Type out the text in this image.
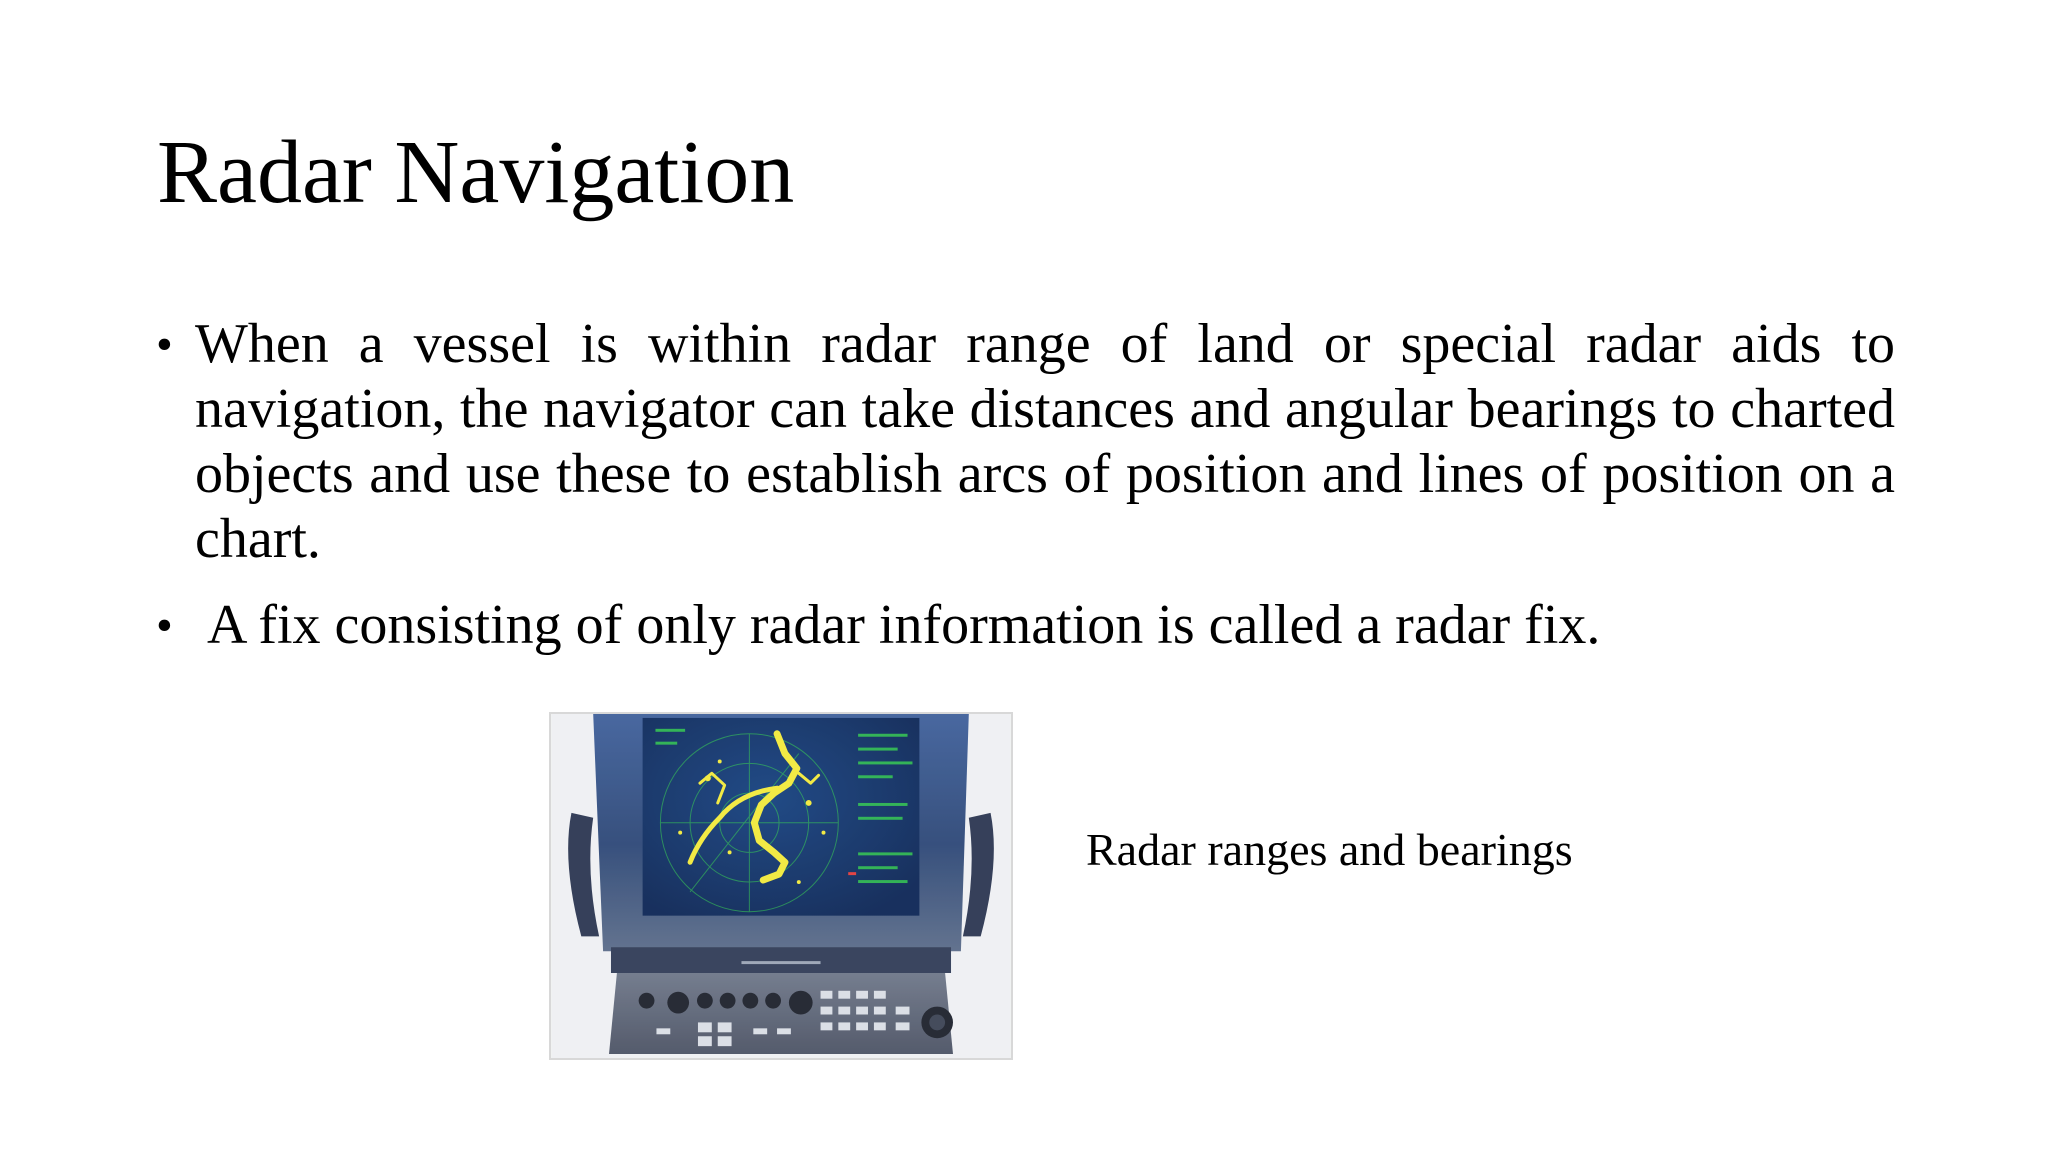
Radar Navigation
• When a vessel is within radar range of land or special radar aids to navigation, the navigator can take distances and angular bearings to charted objects and use these to establish arcs of position and lines of position on a chart.
• A fix consisting of only radar information is called a radar fix.
Radar ranges and bearings
